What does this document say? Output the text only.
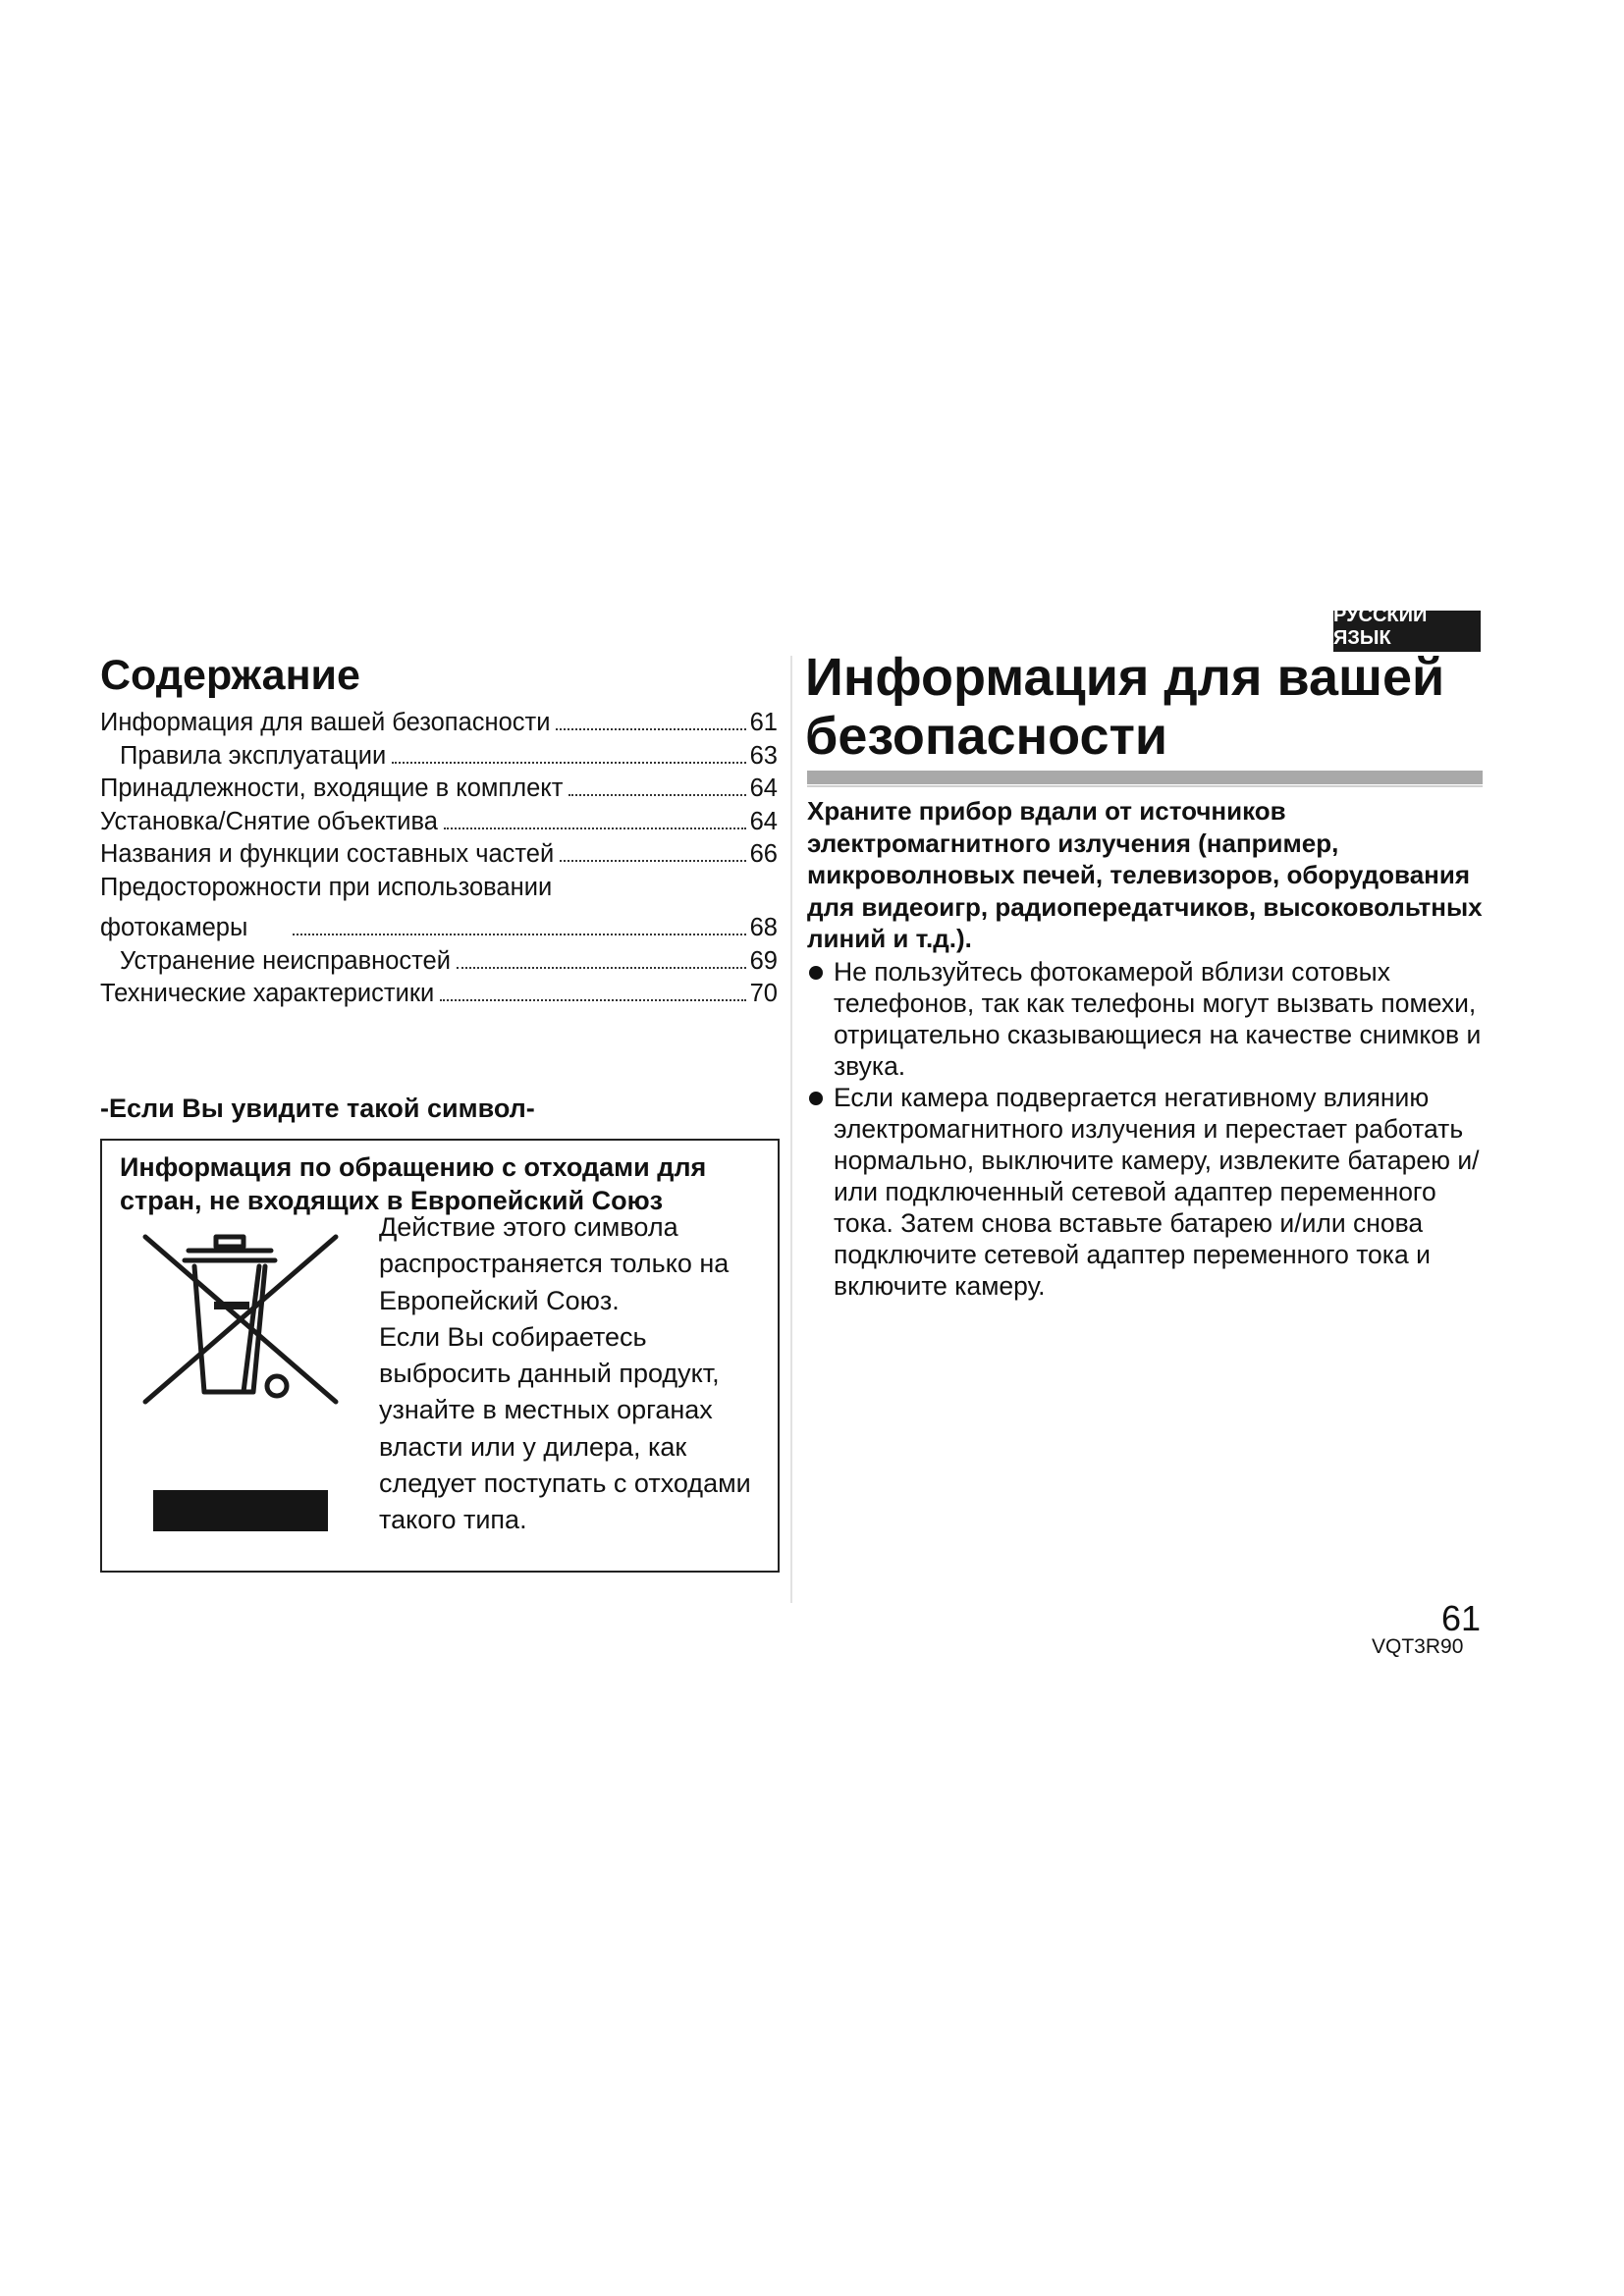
РУССКИЙ ЯЗЫК
Содержание
Информация для вашей безопасности	61
Правила эксплуатации	63
Принадлежности, входящие в комплект	64
Установка/Снятие объектива	64
Названия и функции составных частей	66
Предосторожности при использовании
фотокамеры	68
Устранение неисправностей	69
Технические характеристики	70
-Если Вы увидите такой символ-

Информация по обращению с отходами для стран, не входящих в Европейский Союз

Действие этого символа распространяется только на Европейский Союз.

Если Вы собираетесь выбросить данный продукт, узнайте в местных органах власти или у дилера, как следует поступать с отходами такого типа.

Информация для вашей безопасности

Храните прибор вдали от источников электромагнитного излучения (например, микроволновых печей, телевизоров, оборудования для видеоигр, радиопередатчиков, высоковольтных линий и т.д.).

Не пользуйтесь фотокамерой вблизи сотовых телефонов, так как телефоны могут вызвать помехи, отрицательно сказывающиеся на качестве снимков и звука.
Если камера подвергается негативному влиянию электромагнитного излучения и перестает работать нормально, выключите камеру, извлеките батарею и/или подключенный сетевой адаптер переменного тока. Затем снова вставьте батарею и/или снова подключите сетевой адаптер переменного тока и включите камеру.

61

VQT3R90
